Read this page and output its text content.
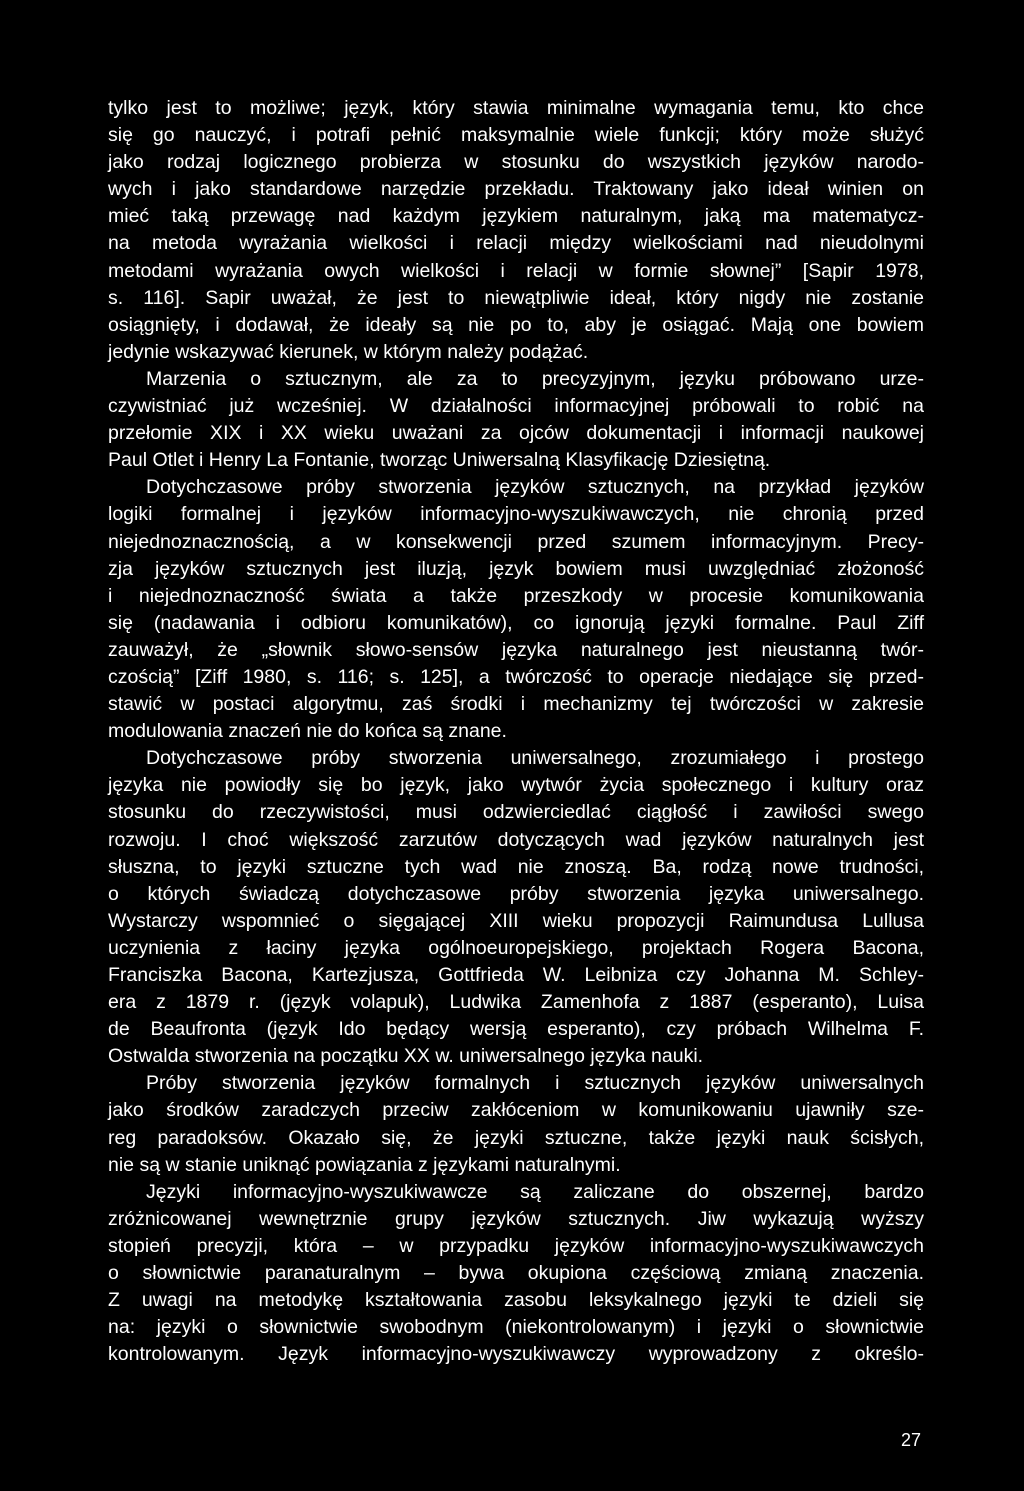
tylko jest to możliwe; język, który stawia minimalne wymagania temu, kto chce
się go nauczyć, i potrafi pełnić maksymalnie wiele funkcji; który może służyć
jako rodzaj logicznego probierza w stosunku do wszystkich języków narodo-
wych i jako standardowe narzędzie przekładu. Traktowany jako ideał winien on
mieć taką przewagę nad każdym językiem naturalnym, jaką ma matematycz-
na metoda wyrażania wielkości i relacji między wielkościami nad nieudolnymi
metodami wyrażania owych wielkości i relacji w formie słownej” [Sapir 1978,
s. 116]. Sapir uważał, że jest to niewątpliwie ideał, który nigdy nie zostanie
osiągnięty, i dodawał, że ideały są nie po to, aby je osiągać. Mają one bowiem
jedynie wskazywać kierunek, w którym należy podążać.
Marzenia o sztucznym, ale za to precyzyjnym, języku próbowano urze-
czywistniać już wcześniej. W działalności informacyjnej próbowali to robić na
przełomie XIX i XX wieku uważani za ojców dokumentacji i informacji naukowej
Paul Otlet i Henry La Fontanie, tworząc Uniwersalną Klasyfikację Dziesiętną.
Dotychczasowe próby stworzenia języków sztucznych, na przykład języków
logiki formalnej i języków informacyjno-wyszukiwawczych, nie chronią przed
niejednoznacznością, a w konsekwencji przed szumem informacyjnym. Precy-
zja języków sztucznych jest iluzją, język bowiem musi uwzględniać złożoność
i niejednoznaczność świata a także przeszkody w procesie komunikowania
się (nadawania i odbioru komunikatów), co ignorują języki formalne. Paul Ziff
zauważył, że „słownik słowo-sensów języka naturalnego jest nieustanną twór-
czością” [Ziff 1980, s. 116; s. 125], a twórczość to operacje niedające się przed-
stawić w postaci algorytmu, zaś środki i mechanizmy tej twórczości w zakresie
modulowania znaczeń nie do końca są znane.
Dotychczasowe próby stworzenia uniwersalnego, zrozumiałego i prostego
języka nie powiodły się bo język, jako wytwór życia społecznego i kultury oraz
stosunku do rzeczywistości, musi odzwierciedlać ciągłość i zawiłości swego
rozwoju. I choć większość zarzutów dotyczących wad języków naturalnych jest
słuszna, to języki sztuczne tych wad nie znoszą. Ba, rodzą nowe trudności,
o których świadczą dotychczasowe próby stworzenia języka uniwersalnego.
Wystarczy wspomnieć o sięgającej XIII wieku propozycji Raimundusa Lullusa
uczynienia z łaciny języka ogólnoeuropejskiego, projektach Rogera Bacona,
Franciszka Bacona, Kartezjusza, Gottfrieda W. Leibniza czy Johanna M. Schley-
era z 1879 r. (język volapuk), Ludwika Zamenhofa z 1887 (esperanto), Luisa
de Beaufronta (język Ido będący wersją esperanto), czy próbach Wilhelma F.
Ostwalda stworzenia na początku XX w. uniwersalnego języka nauki.
Próby stworzenia języków formalnych i sztucznych języków uniwersalnych
jako środków zaradczych przeciw zakłóceniom w komunikowaniu ujawniły sze-
reg paradoksów. Okazało się, że języki sztuczne, także języki nauk ścisłych,
nie są w stanie uniknąć powiązania z językami naturalnymi.
Języki informacyjno-wyszukiwawcze są zaliczane do obszernej, bardzo
zróżnicowanej wewnętrznie grupy języków sztucznych. Jiw wykazują wyższy
stopień precyzji, która – w przypadku języków informacyjno-wyszukiwawczych
o słownictwie paranaturalnym – bywa okupiona częściową zmianą znaczenia.
Z uwagi na metodykę kształtowania zasobu leksykalnego języki te dzieli się
na: języki o słownictwie swobodnym (niekontrolowanym) i języki o słownictwie
kontrolowanym. Język informacyjno-wyszukiwawczy wyprowadzony z określo-
27
